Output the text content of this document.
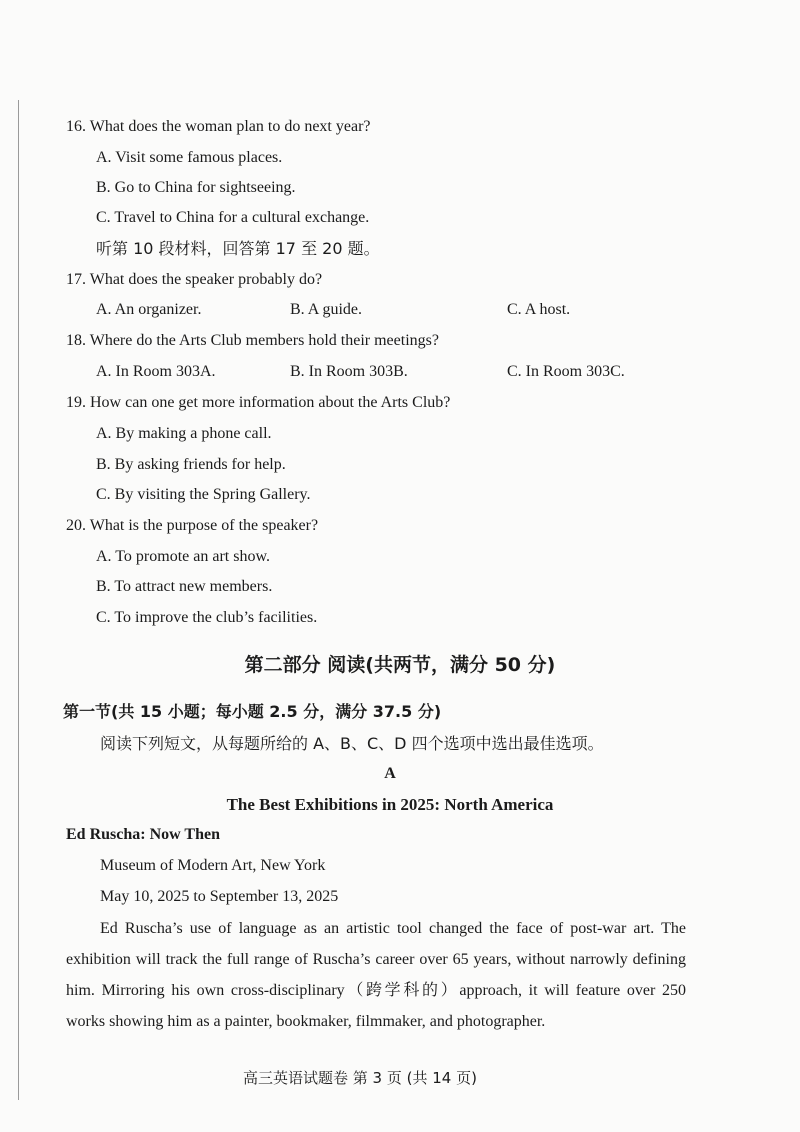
16. What does the woman plan to do next year?
A. Visit some famous places.
B. Go to China for sightseeing.
C. Travel to China for a cultural exchange.
听第 10 段材料，回答第 17 至 20 题。
17. What does the speaker probably do?
A. An organizer.	B. A guide.	C. A host.
18. Where do the Arts Club members hold their meetings?
A. In Room 303A.	B. In Room 303B.	C. In Room 303C.
19. How can one get more information about the Arts Club?
A. By making a phone call.
B. By asking friends for help.
C. By visiting the Spring Gallery.
20. What is the purpose of the speaker?
A. To promote an art show.
B. To attract new members.
C. To improve the club’s facilities.
第二部分 阅读(共两节，满分 50 分)
第一节(共 15 小题；每小题 2.5 分，满分 37.5 分)
阅读下列短文，从每题所给的 A、B、C、D 四个选项中选出最佳选项。
A
The Best Exhibitions in 2025: North America
Ed Ruscha: Now Then
Museum of Modern Art, New York
May 10, 2025 to September 13, 2025
Ed Ruscha’s use of language as an artistic tool changed the face of post-war art. The exhibition will track the full range of Ruscha’s career over 65 years, without narrowly defining him. Mirroring his own cross-disciplinary（跨学科的）approach, it will feature over 250 works showing him as a painter, bookmaker, filmmaker, and photographer.
高三英语试题卷 第 3 页 (共 14 页)
